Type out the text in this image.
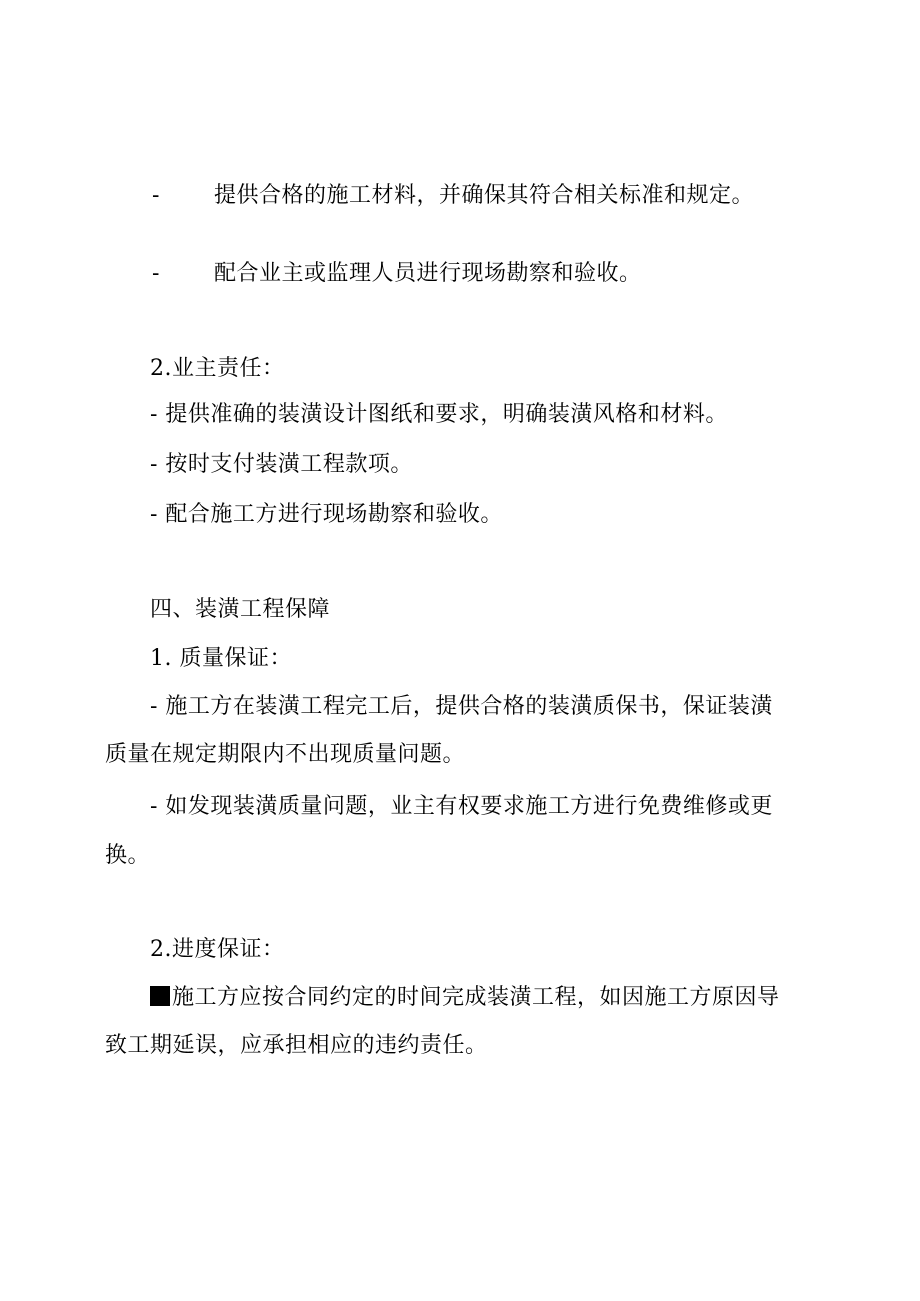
- 提供合格的施工材料，并确保其符合相关标准和规定。
- 配合业主或监理人员进行现场勘察和验收。
2.业主责任：
- 提供准确的装潢设计图纸和要求，明确装潢风格和材料。
- 按时支付装潢工程款项。
- 配合施工方进行现场勘察和验收。
四、装潢工程保障
1. 质量保证：
- 施工方在装潢工程完工后，提供合格的装潢质保书，保证装潢
质量在规定期限内不出现质量问题。
- 如发现装潢质量问题，业主有权要求施工方进行免费维修或更
换。
2.进度保证：
施工方应按合同约定的时间完成装潢工程，如因施工方原因导
致工期延误，应承担相应的违约责任。
